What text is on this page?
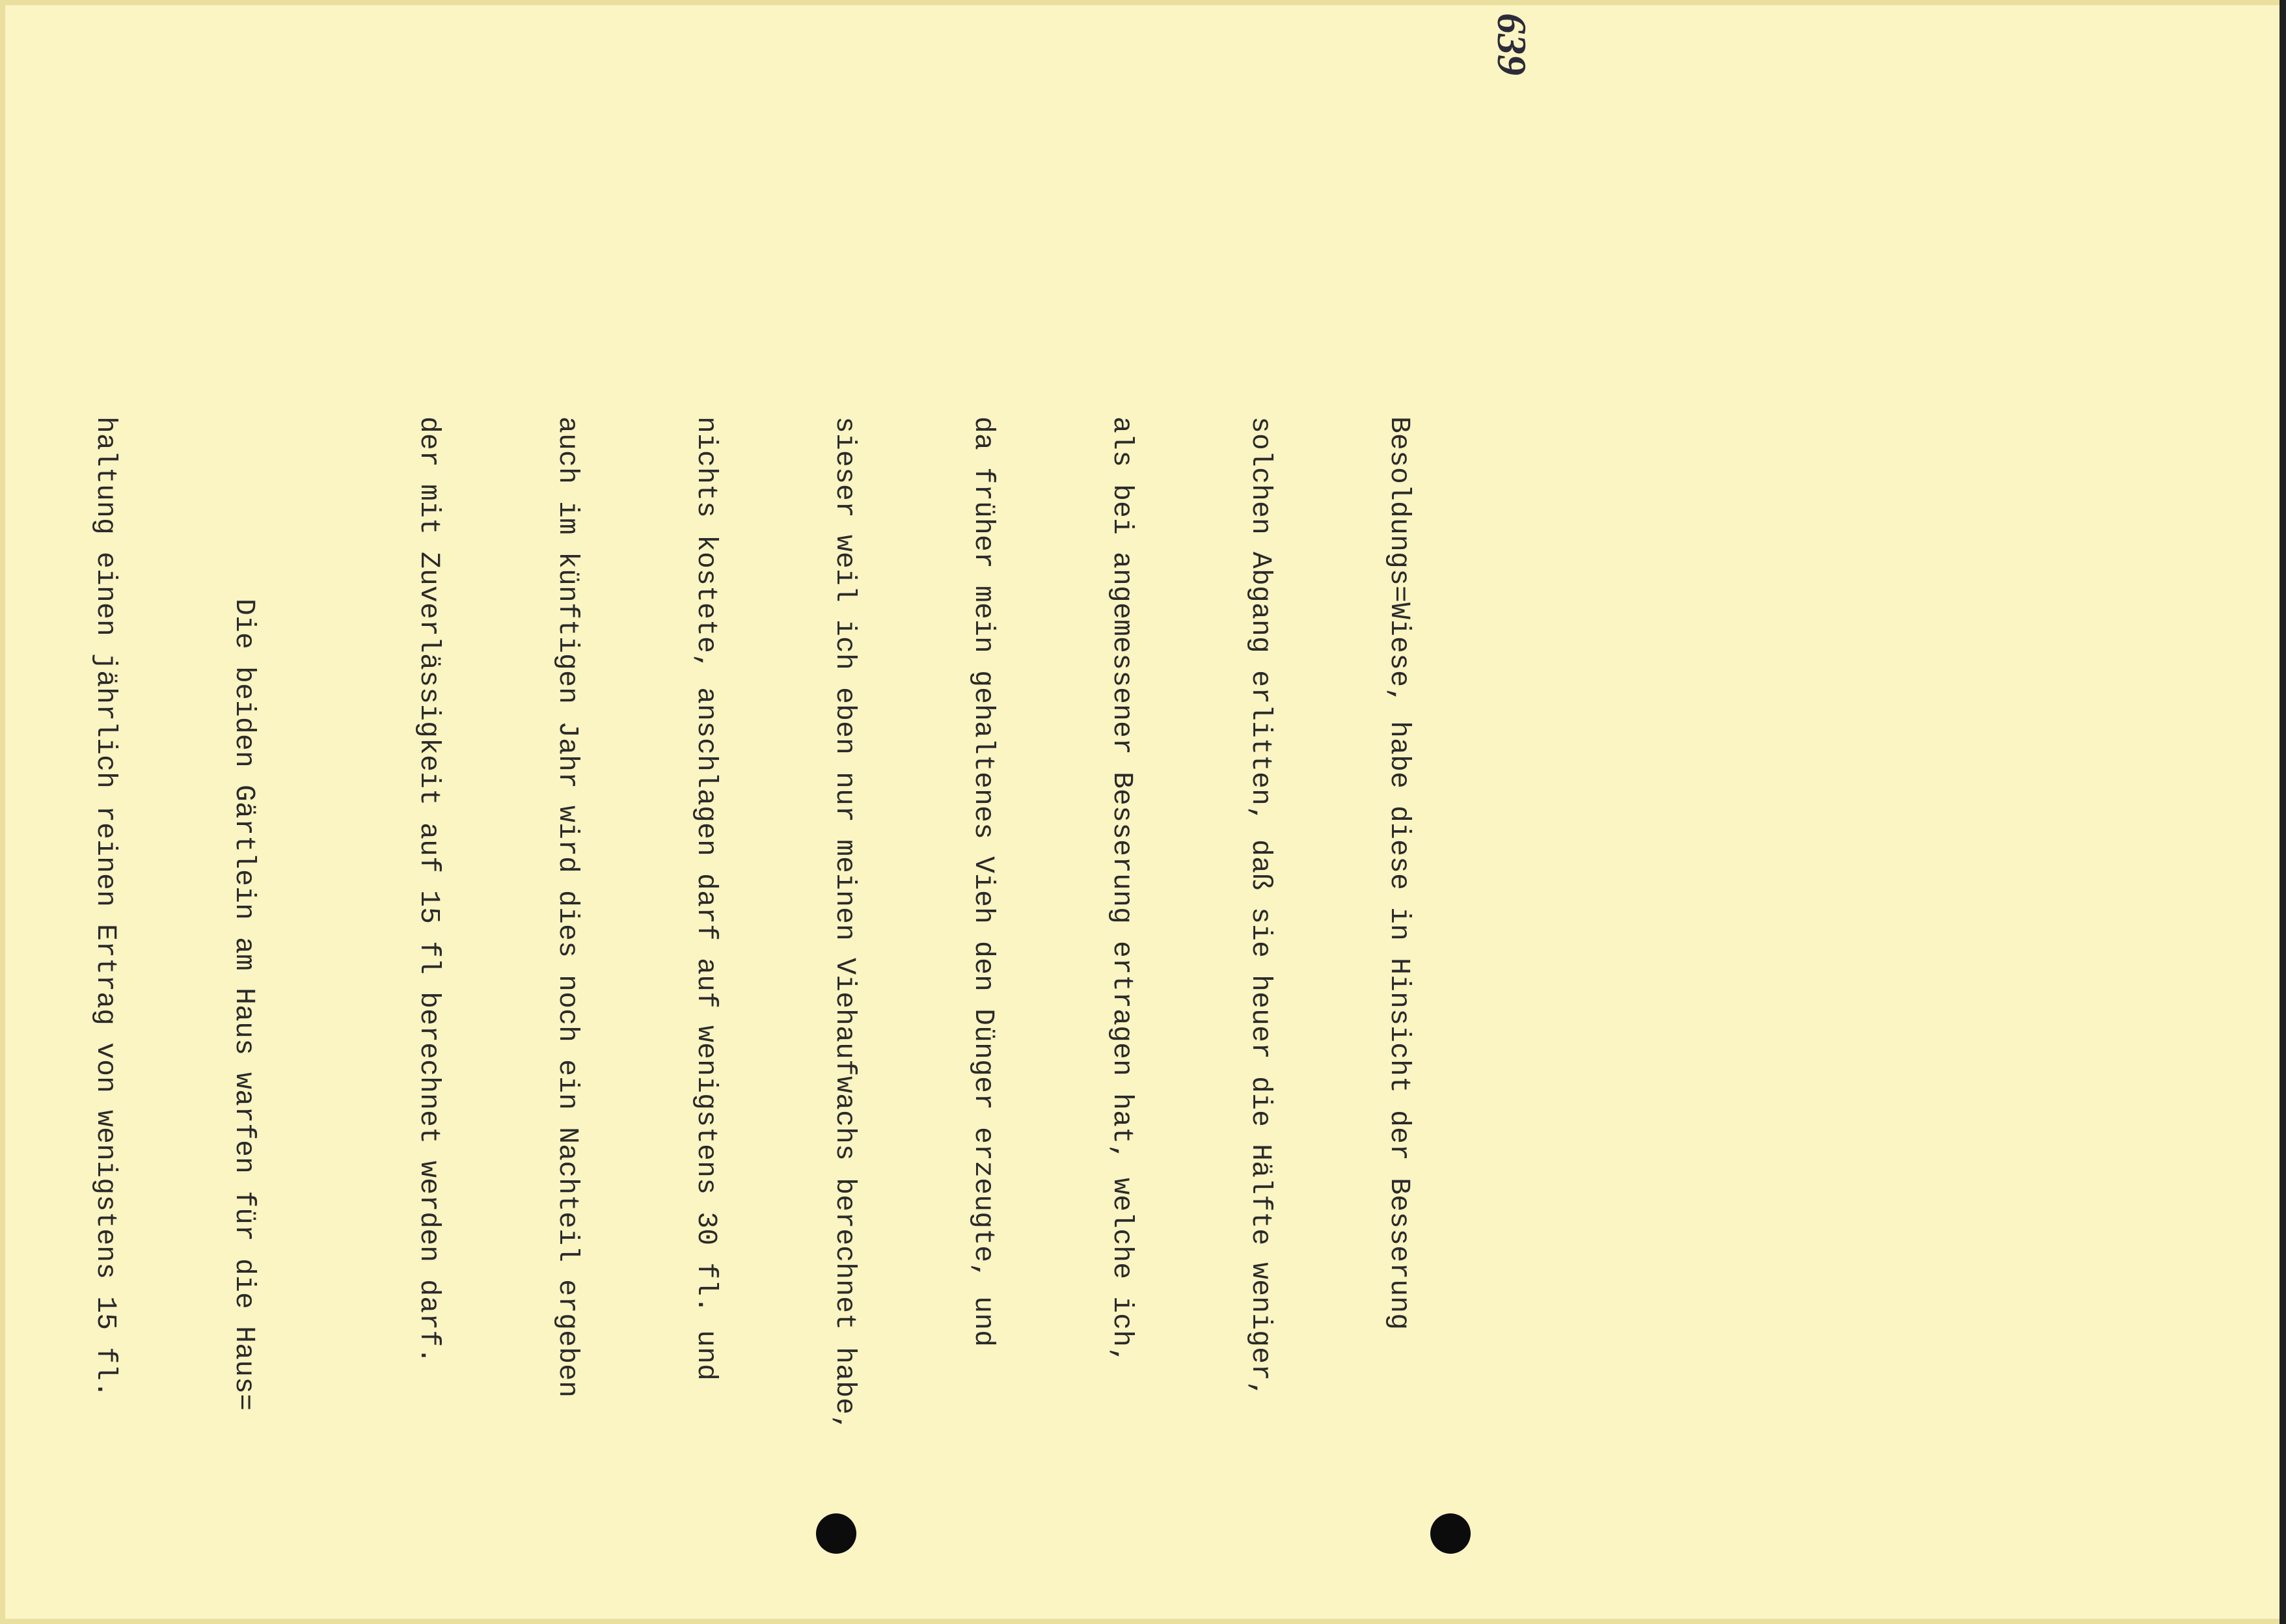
639

Besoldungs=Wiese, habe diese in Hinsicht der Besserung

solchen Abgang erlitten, daß sie heuer die Hälfte weniger,

als bei angemessener Besserung ertragen hat, welche ich,

da früher mein gehaltenes Vieh den Dünger erzeugte, und

sieser weil ich eben nur meinen Viehaufwachs berechnet habe,

nichts kostete, anschlagen darf auf wenigstens 30 fl. und

auch im künftigen Jahr wird dies noch ein Nachteil ergeben

der mit Zuverlässigkeit auf 15 fl berechnet werden darf.

Die beiden Gärtlein am Haus warfen für die Haus=

haltung einen jährlich reinen Ertrag von wenigstens 15 fl.
